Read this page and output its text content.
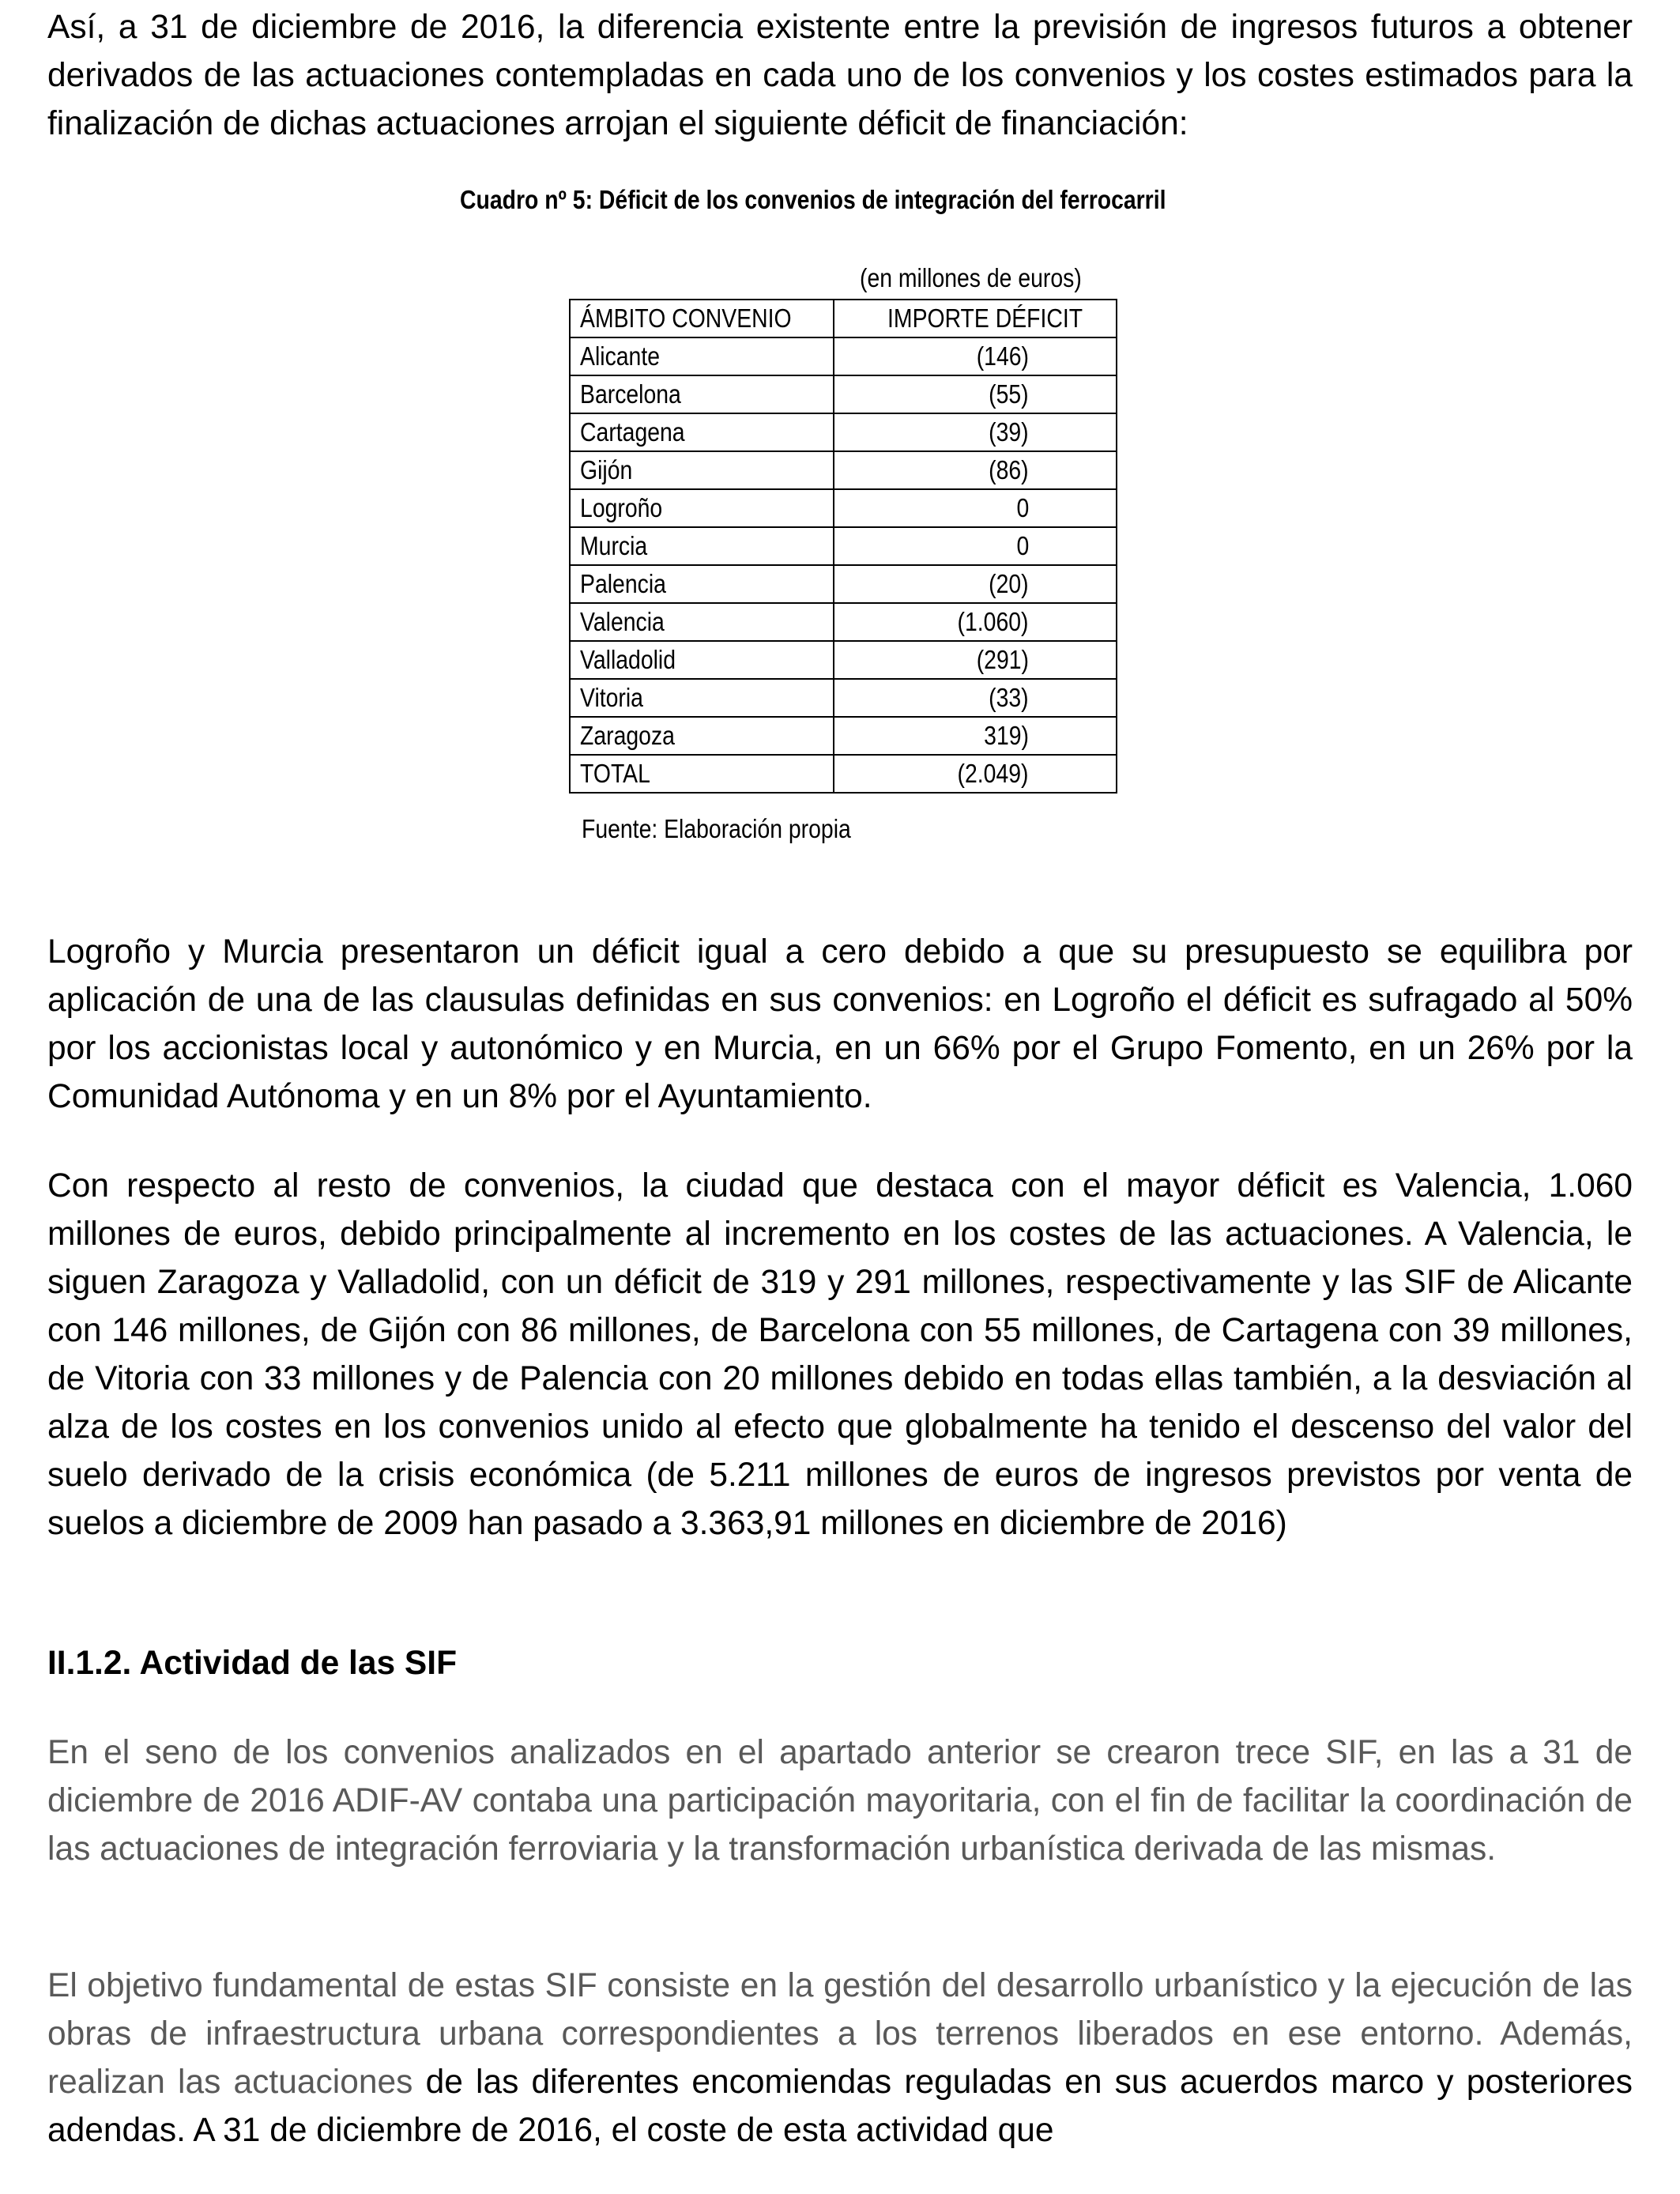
Así, a 31 de diciembre de 2016, la diferencia existente entre la previsión de ingresos futuros a obtener derivados de las actuaciones contempladas en cada uno de los convenios y los costes estimados para la finalización de dichas actuaciones arrojan el siguiente déficit de financiación:

Cuadro nº 5: Déficit de los convenios de integración del ferrocarril
(en millones de euros)
ÁMBITO CONVENIO	IMPORTE DÉFICIT
Alicante	(146)
Barcelona	(55)
Cartagena	(39)
Gijón	(86)
Logroño	0
Murcia	0
Palencia	(20)
Valencia	(1.060)
Valladolid	(291)
Vitoria	(33)
Zaragoza	319)
TOTAL	(2.049)
Fuente: Elaboración propia

Logroño y Murcia presentaron un déficit igual a cero debido a que su presupuesto se equilibra por aplicación de una de las clausulas definidas en sus convenios: en Logroño el déficit es sufragado al 50% por los accionistas local y autonómico y en Murcia, en un 66% por el Grupo Fomento, en un 26% por la Comunidad Autónoma y en un 8% por el Ayuntamiento.

Con respecto al resto de convenios, la ciudad que destaca con el mayor déficit es Valencia, 1.060 millones de euros, debido principalmente al incremento en los costes de las actuaciones. A Valencia, le siguen Zaragoza y Valladolid, con un déficit de 319 y 291 millones, respectivamente y las SIF de Alicante con 146 millones, de Gijón con 86 millones, de Barcelona con 55 millones, de Cartagena con 39 millones, de Vitoria con 33 millones y de Palencia con 20 millones debido en todas ellas también, a la desviación al alza de los costes en los convenios unido al efecto que globalmente ha tenido el descenso del valor del suelo derivado de la crisis económica (de 5.211 millones de euros de ingresos previstos por venta de suelos a diciembre de 2009 han pasado a 3.363,91 millones en diciembre de 2016)

II.1.2. Actividad de las SIF

En el seno de los convenios analizados en el apartado anterior se crearon trece SIF, en las a 31 de diciembre de 2016 ADIF-AV contaba una participación mayoritaria, con el fin de facilitar la coordinación de las actuaciones de integración ferroviaria y la transformación urbanística derivada de las mismas.

El objetivo fundamental de estas SIF consiste en la gestión del desarrollo urbanístico y la ejecución de las obras de infraestructura urbana correspondientes a los terrenos liberados en ese entorno. Además, realizan las actuaciones de las diferentes encomiendas reguladas en sus acuerdos marco y posteriores adendas. A 31 de diciembre de 2016, el coste de esta actividad que
